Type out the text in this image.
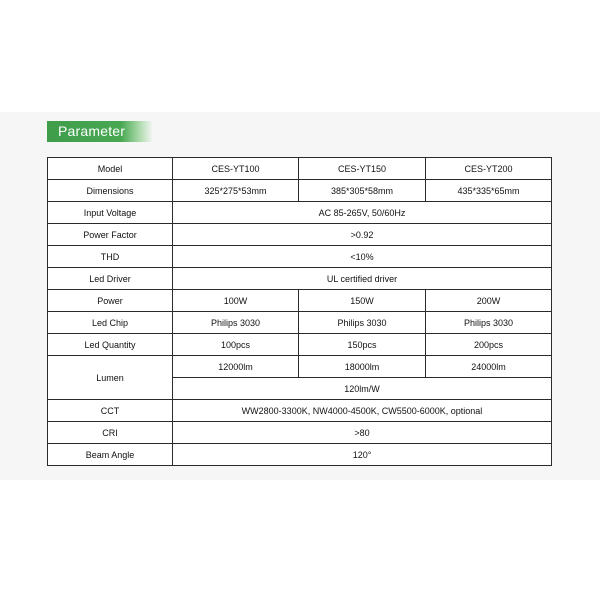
Parameter
Model	CES-YT100	CES-YT150	CES-YT200
Dimensions	325*275*53mm	385*305*58mm	435*335*65mm
Input Voltage	AC 85-265V, 50/60Hz		
Power Factor	>0.92		
THD	<10%		
Led Driver	UL certified driver		
Power	100W	150W	200W
Led Chip	Philips 3030	Philips 3030	Philips 3030
Led Quantity	100pcs	150pcs	200pcs
Lumen	12000lm	18000lm	24000lm
	120lm/W		
CCT	WW2800-3300K, NW4000-4500K, CW5500-6000K, optional		
CRI	>80		
Beam Angle	120°		
